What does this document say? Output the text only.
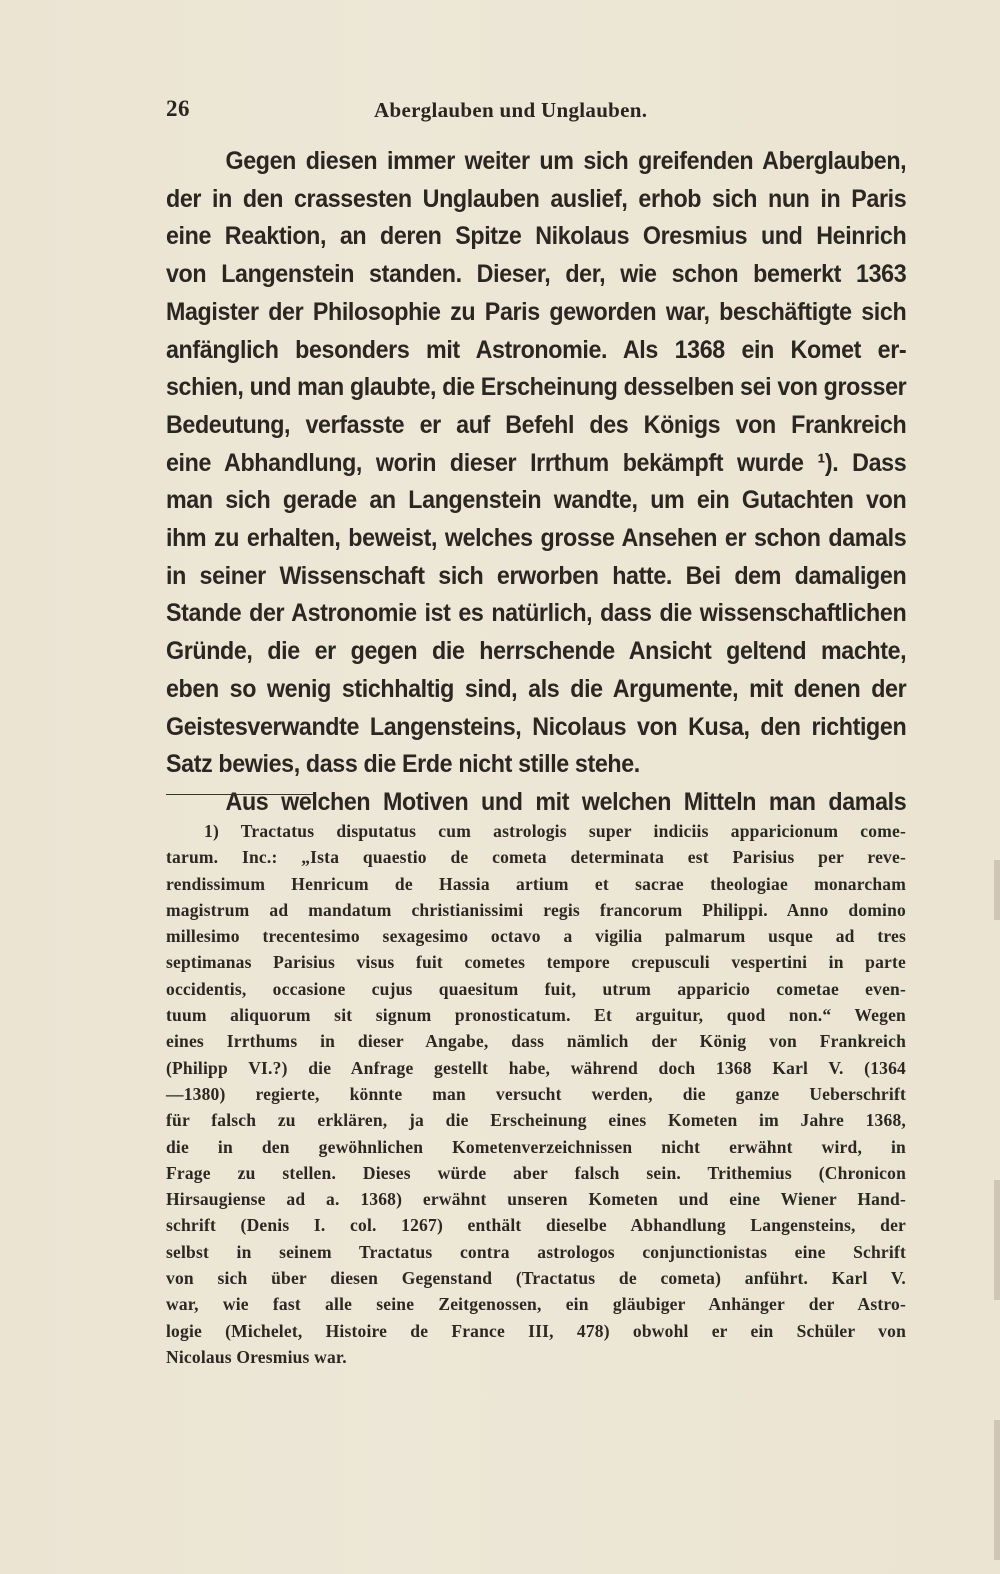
26	Aberglauben und Unglauben.

Gegen diesen immer weiter um sich greifenden Aberglauben,

der in den crassesten Unglauben auslief, erhob sich nun in Paris

eine Reaktion, an deren Spitze Nikolaus Oresmius und Heinrich

von Langenstein standen. Dieser, der, wie schon bemerkt 1363

Magister der Philosophie zu Paris geworden war, beschäftigte sich

anfänglich besonders mit Astronomie. Als 1368 ein Komet er-

schien, und man glaubte, die Erscheinung desselben sei von grosser

Bedeutung, verfasste er auf Befehl des Königs von Frankreich

eine Abhandlung, worin dieser Irrthum bekämpft wurde ¹). Dass

man sich gerade an Langenstein wandte, um ein Gutachten von

ihm zu erhalten, beweist, welches grosse Ansehen er schon damals

in seiner Wissenschaft sich erworben hatte. Bei dem damaligen

Stande der Astronomie ist es natürlich, dass die wissenschaftlichen

Gründe, die er gegen die herrschende Ansicht geltend machte,

eben so wenig stichhaltig sind, als die Argumente, mit denen der

Geistesverwandte Langensteins, Nicolaus von Kusa, den richtigen

Satz bewies, dass die Erde nicht stille stehe.

Aus welchen Motiven und mit welchen Mitteln man damals

1) Tractatus disputatus cum astrologis super indiciis apparicionum come-

tarum. Inc.: „Ista quaestio de cometa determinata est Parisius per reve-

rendissimum Henricum de Hassia artium et sacrae theologiae monarcham

magistrum ad mandatum christianissimi regis francorum Philippi. Anno domino

millesimo trecentesimo sexagesimo octavo a vigilia palmarum usque ad tres

septimanas Parisius visus fuit cometes tempore crepusculi vespertini in parte

occidentis, occasione cujus quaesitum fuit, utrum apparicio cometae even-

tuum aliquorum sit signum pronosticatum. Et arguitur, quod non.“ Wegen

eines Irrthums in dieser Angabe, dass nämlich der König von Frankreich

(Philipp VI.?) die Anfrage gestellt habe, während doch 1368 Karl V. (1364

—1380) regierte, könnte man versucht werden, die ganze Ueberschrift

für falsch zu erklären, ja die Erscheinung eines Kometen im Jahre 1368,

die in den gewöhnlichen Kometenverzeichnissen nicht erwähnt wird, in

Frage zu stellen. Dieses würde aber falsch sein. Trithemius (Chronicon

Hirsaugiense ad a. 1368) erwähnt unseren Kometen und eine Wiener Hand-

schrift (Denis I. col. 1267) enthält dieselbe Abhandlung Langensteins, der

selbst in seinem Tractatus contra astrologos conjunctionistas eine Schrift

von sich über diesen Gegenstand (Tractatus de cometa) anführt. Karl V.

war, wie fast alle seine Zeitgenossen, ein gläubiger Anhänger der Astro-

logie (Michelet, Histoire de France III, 478) obwohl er ein Schüler von

Nicolaus Oresmius war.
